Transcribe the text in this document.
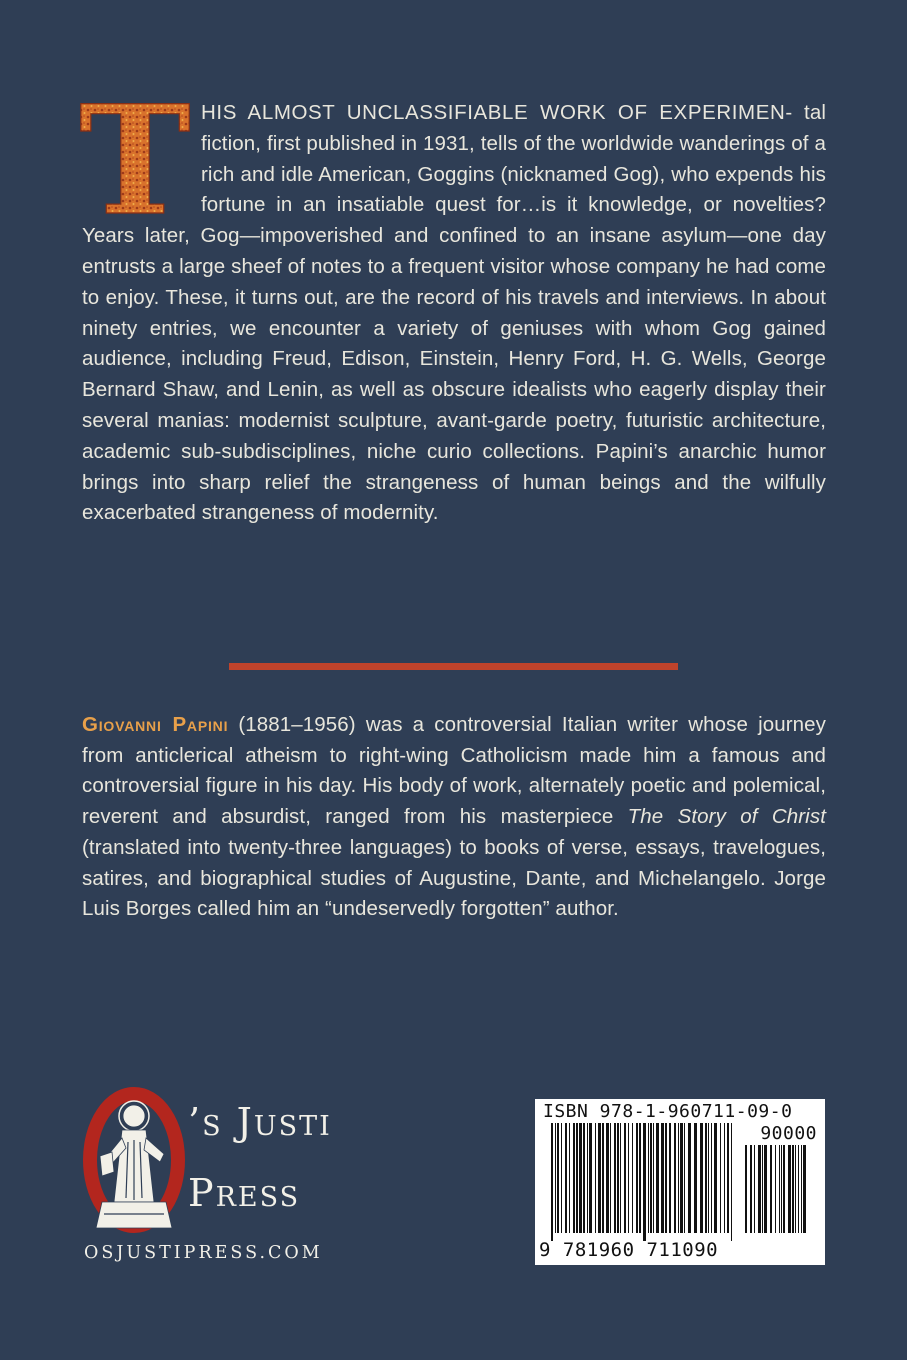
T HIS ALMOST UNCLASSIFIABLE WORK OF EXPERIMEN- tal fiction, first published in 1931, tells of the worldwide wanderings of a rich and idle American, Goggins (nicknamed Gog), who expends his fortune in an insatiable quest for…is it knowledge, or novelties? Years later, Gog—impoverished and confined to an insane asylum—one day entrusts a large sheef of notes to a frequent visitor whose company he had come to enjoy. These, it turns out, are the record of his travels and interviews. In about ninety entries, we encounter a variety of geniuses with whom Gog gained audience, including Freud, Edison, Einstein, Henry Ford, H. G. Wells, George Bernard Shaw, and Lenin, as well as obscure idealists who eagerly display their several manias: modernist sculpture, avant-garde poetry, futuristic architecture, academic sub-subdisciplines, niche curio collections. Papini’s anarchic humor brings into sharp relief the strangeness of human beings and the wilfully exacerbated strangeness of modernity.
Giovanni Papini (1881–1956) was a controversial Italian writer whose journey from anticlerical atheism to right-wing Catholicism made him a famous and controversial figure in his day. His body of work, alternately poetic and polemical, reverent and absurdist, ranged from his masterpiece The Story of Christ (translated into twenty-three languages) to books of verse, essays, travelogues, satires, and biographical studies of Augustine, Dante, and Michelangelo. Jorge Luis Borges called him an “undeservedly forgotten” author.
’s Justi
Press
OSJUSTIPRESS.COM
ISBN 978-1-960711-09-0
90000
9 781960 711090
